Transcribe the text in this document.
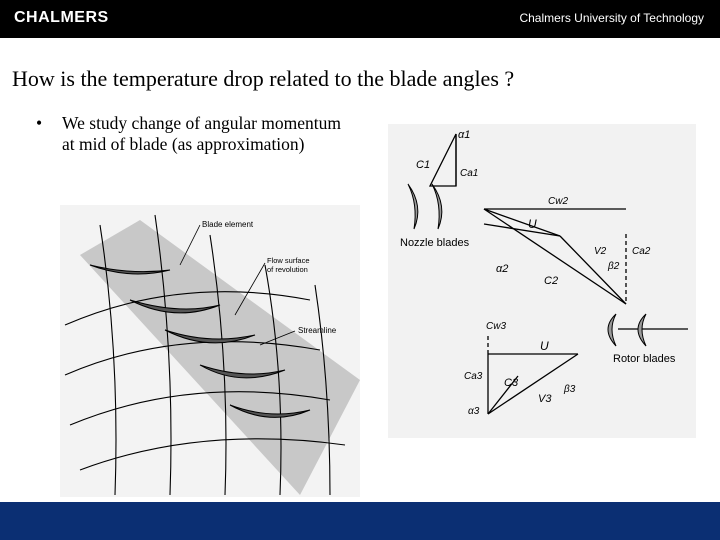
CHALMERS	Chalmers University of Technology
How is the temperature drop related to the blade angles ?
• We study change of angular momentum at mid of blade (as approximation)
Blade element
Flow surface
of revolution
Streamline
α1
C1
Ca1
Cw2
U
Nozzle blades
V2
β2
Ca2
α2
C2
Cw3
U
Rotor blades
Ca3
C3
β3
V3
α3
